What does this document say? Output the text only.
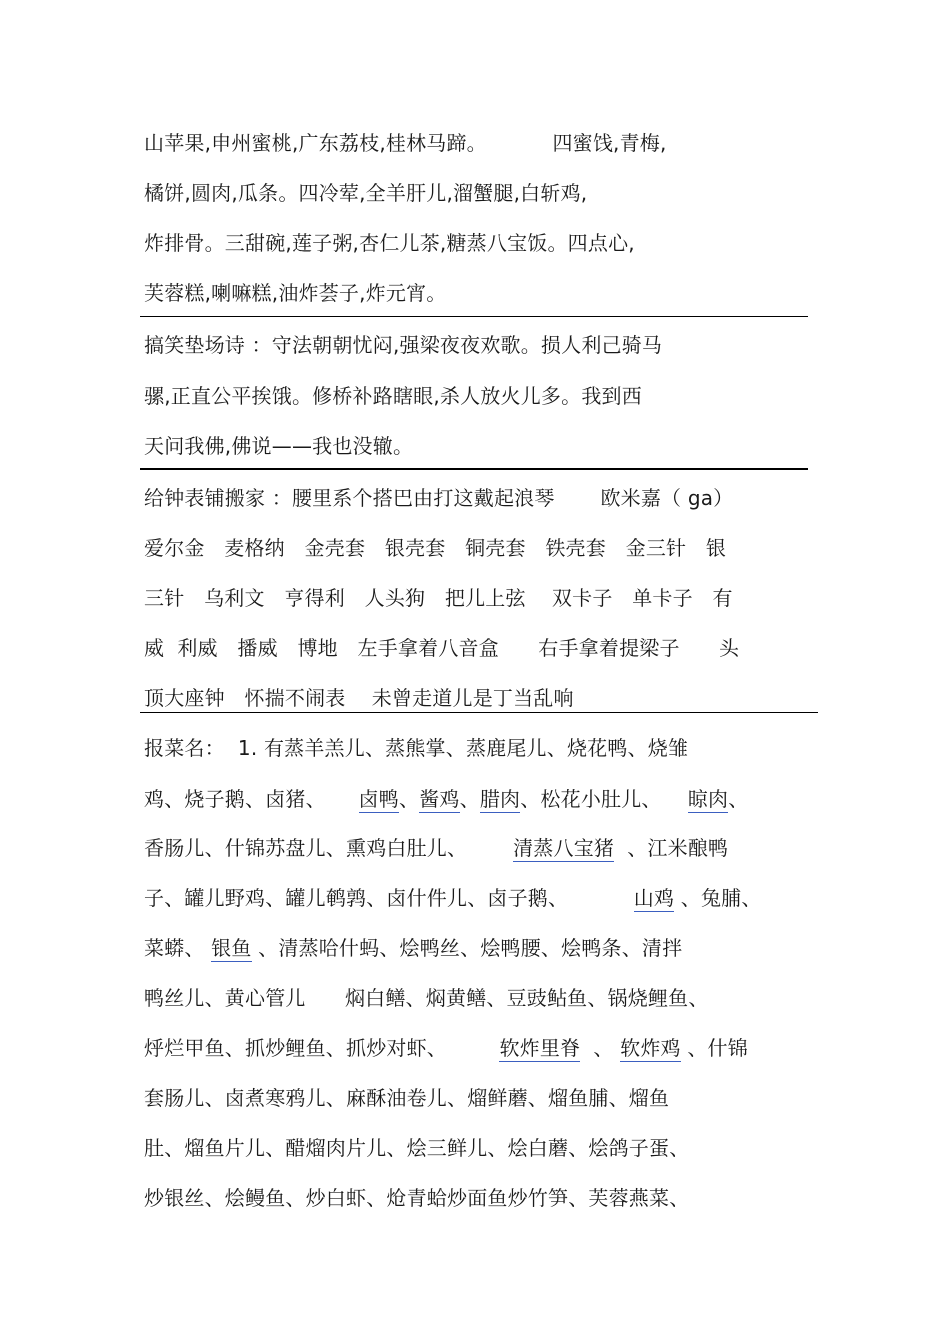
山苹果,申州蜜桃,广东荔枝,桂林马蹄。          四蜜饯,青梅,
橘饼,圆肉,瓜条。四冷荤,全羊肝儿,溜蟹腿,白斩鸡,
炸排骨。三甜碗,莲子粥,杏仁儿茶,糖蒸八宝饭。四点心,
芙蓉糕,喇嘛糕,油炸荟子,炸元宵。
搞笑垫场诗 ：守法朝朝忧闷,强梁夜夜欢歌。损人利己骑马
骡,正直公平挨饿。修桥补路瞎眼,杀人放火儿多。我到西
天问我佛,佛说——我也没辙。
给钟表铺搬家 ：腰里系个搭巴由打这戴起浪琴       欧米嘉（ ga）
爱尔金   麦格纳   金壳套   银壳套   铜壳套   铁壳套   金三针   银
三针   乌利文   亨得利   人头狗   把儿上弦    双卡子   单卡子   有
威  利威   播威   博地   左手拿着八音盒      右手拿着提梁子      头
顶大座钟   怀揣不闹表    未曾走道儿是丁当乱响
报菜名：  1. 有蒸羊羔儿、蒸熊掌、蒸鹿尾儿、烧花鸭、烧雏
鸡、烧子鹅、卤猪、     卤鸭、酱鸡、腊肉、松花小肚儿、    晾肉、
香肠儿、什锦苏盘儿、熏鸡白肚儿、       清蒸八宝猪  、江米酿鸭
子、罐儿野鸡、罐儿鹌鹑、卤什件儿、卤子鹅、          山鸡 、兔脯、
菜蟒、 银鱼 、清蒸哈什蚂、烩鸭丝、烩鸭腰、烩鸭条、清拌
鸭丝儿、黄心管儿      焖白鳝、焖黄鳝、豆豉鲇鱼、锅烧鲤鱼、
烀烂甲鱼、抓炒鲤鱼、抓炒对虾、        软炸里脊  、 软炸鸡 、什锦
套肠儿、卤煮寒鸦儿、麻酥油卷儿、熘鲜蘑、熘鱼脯、熘鱼
肚、熘鱼片儿、醋熘肉片儿、烩三鲜儿、烩白蘑、烩鸽子蛋、
炒银丝、烩鳗鱼、炒白虾、炝青蛤炒面鱼炒竹笋、芙蓉燕菜、
